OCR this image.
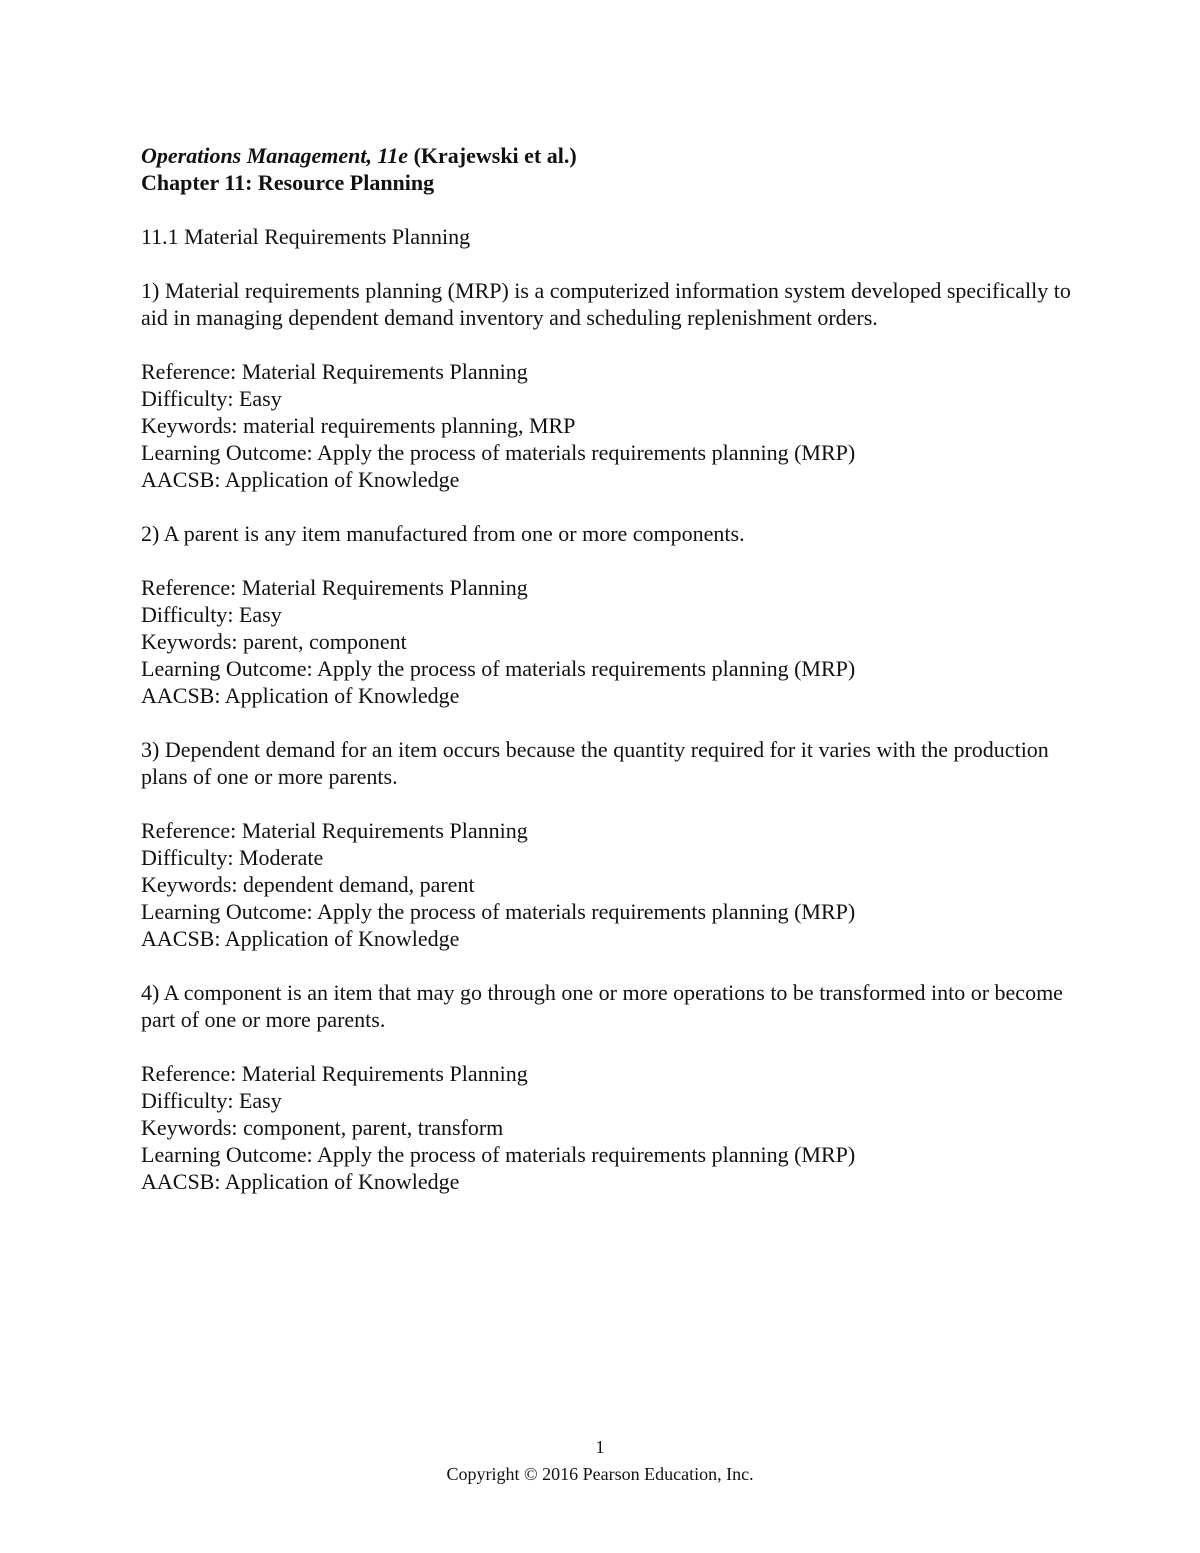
Operations Management, 11e (Krajewski et al.)
Chapter 11: Resource Planning
11.1 Material Requirements Planning
1) Material requirements planning (MRP) is a computerized information system developed specifically to aid in managing dependent demand inventory and scheduling replenishment orders.
Reference: Material Requirements Planning
Difficulty: Easy
Keywords: material requirements planning, MRP
Learning Outcome: Apply the process of materials requirements planning (MRP)
AACSB: Application of Knowledge
2) A parent is any item manufactured from one or more components.
Reference: Material Requirements Planning
Difficulty: Easy
Keywords: parent, component
Learning Outcome: Apply the process of materials requirements planning (MRP)
AACSB: Application of Knowledge
3) Dependent demand for an item occurs because the quantity required for it varies with the production plans of one or more parents.
Reference: Material Requirements Planning
Difficulty: Moderate
Keywords: dependent demand, parent
Learning Outcome: Apply the process of materials requirements planning (MRP)
AACSB: Application of Knowledge
4) A component is an item that may go through one or more operations to be transformed into or become part of one or more parents.
Reference: Material Requirements Planning
Difficulty: Easy
Keywords: component, parent, transform
Learning Outcome: Apply the process of materials requirements planning (MRP)
AACSB: Application of Knowledge
1
Copyright © 2016 Pearson Education, Inc.
